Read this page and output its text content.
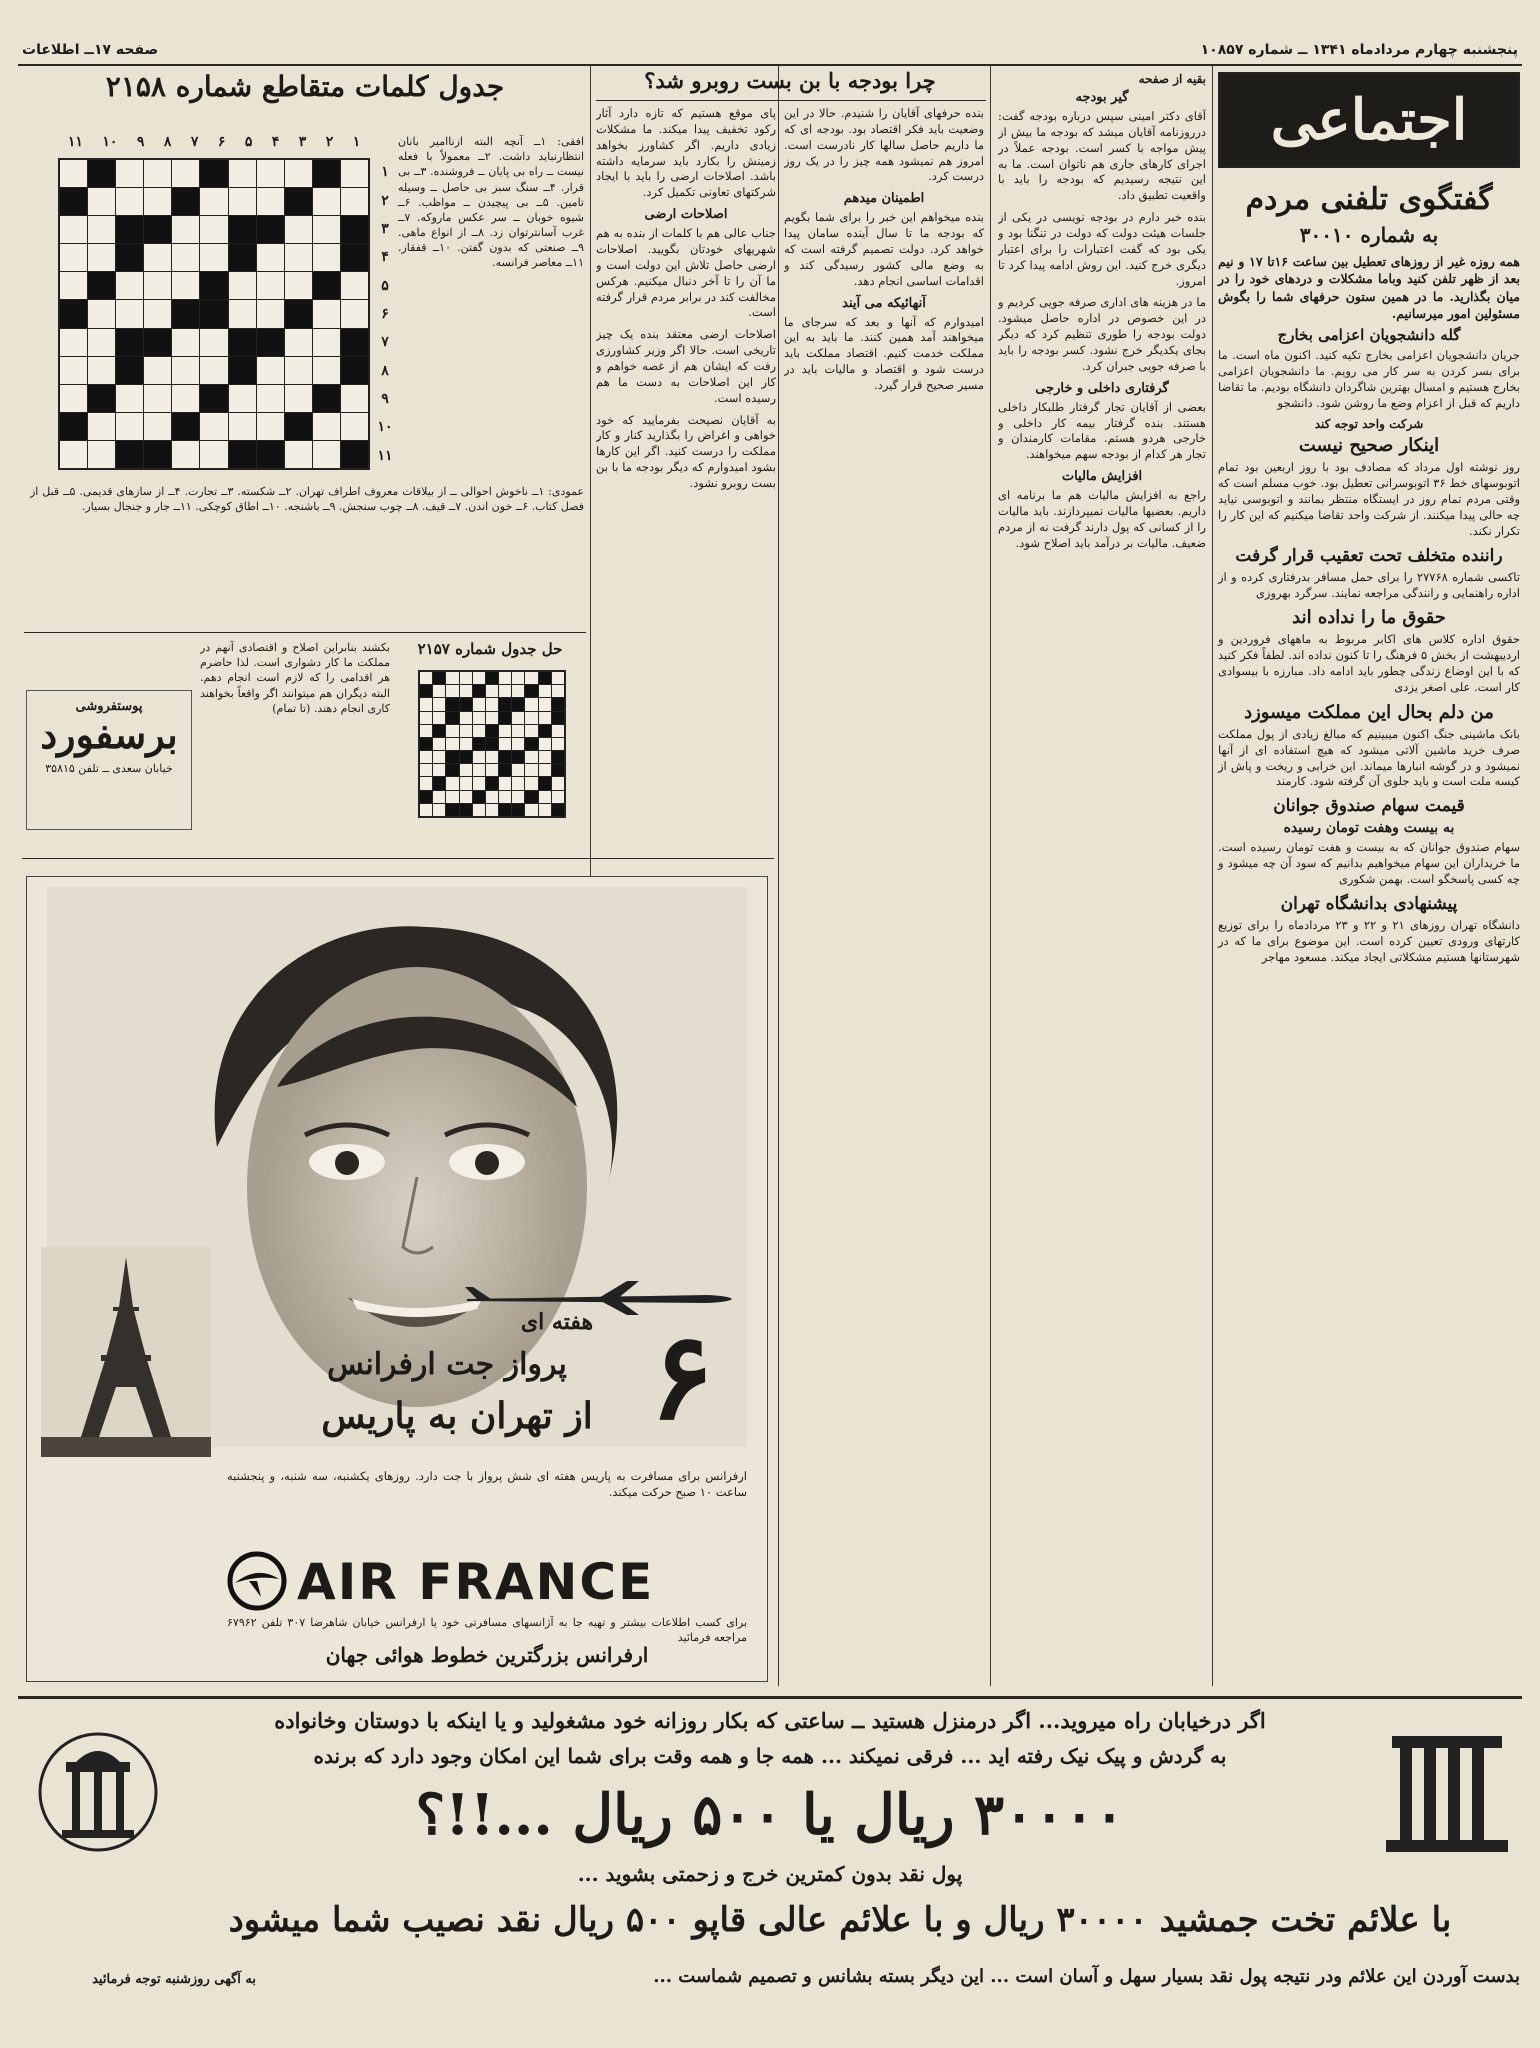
پنجشنبه چهارم مردادماه ۱۳۴۱ ــ شماره ۱۰۸۵۷
صفحه ۱۷ــ اطلاعات
اجتماعی
گفتگوی تلفنی مردم
به شماره ۳۰۰۱۰
همه روزه غیر از روزهای تعطیل بین ساعت ۱۶تا ۱۷ و نیم بعد از ظهر تلفن کنید وباما مشکلات و دردهای خود را در میان بگذارید. ما در همین ستون حرفهای شما را بگوش مسئولین امور میرسانیم.
گله دانشجویان اعزامی بخارج

جریان دانشجویان اعزامی بخارج تکیه کنید. اکنون ماه است. ما برای بسر کردن به سر کار می رویم. ما دانشجویان اعزامی بخارج هستیم و امسال بهترین شاگردان دانشگاه بودیم. ما تقاضا داریم که قبل از اعزام وضع ما روشن شود. دانشجو

شرکت واحد توجه کند
اینکار صحیح نیست

روز نوشته اول مرداد که مصادف بود با روز اربعین بود تمام اتوبوسهای خط ۳۶ اتوبوسرانی تعطیل بود. خوب مسلم است که وقتی مردم تمام روز در ایستگاه منتظر بمانند و اتوبوسی نیاید چه حالی پیدا میکنند. از شرکت واحد تقاضا میکنیم که این کار را تکرار نکند.

راننده متخلف تحت تعقیب قرار گرفت

تاکسی شماره ۲۷۷۶۸ را برای حمل مسافر بدرفتاری کرده و از اداره راهنمایی و رانندگی مراجعه نمایند. سرگرد بهروزی

حقوق ما را نداده اند

حقوق اداره کلاس های اکابر مربوط به ماههای فروردین و اردیبهشت از بخش ۵ فرهنگ را تا کنون نداده اند. لطفاً فکر کنید که با این اوضاع زندگی چطور باید ادامه داد. مبارزه با بیسوادی کار است. علی اصغر یزدی

من دلم بحال این مملکت میسوزد

بانک ماشینی جنگ اکنون میبینیم که مبالغ زیادی از پول مملکت صرف خرید ماشین آلاتی میشود که هیچ استفاده ای از آنها نمیشود و در گوشه انبارها میماند. این خرابی و ریخت و پاش از کیسه ملت است و باید جلوی آن گرفته شود. کارمند

قیمت سهام صندوق جوانان
به بیست وهفت تومان رسیده

سهام صندوق جوانان که به بیست و هفت تومان رسیده است. ما خریداران این سهام میخواهیم بدانیم که سود آن چه میشود و چه کسی پاسخگو است. بهمن شکوری

پیشنهادی بدانشگاه تهران

دانشگاه تهران روزهای ۲۱ و ۲۲ و ۲۳ مردادماه را برای توزیع کارتهای ورودی تعیین کرده است. این موضوع برای ما که در شهرستانها هستیم مشکلاتی ایجاد میکند. مسعود مهاجر

چرا بودجه با بن بست روبرو شد؟	بقیه از صفحه
گیر بودجه

آقای دکتر امینی سپس درباره بودجه گفت: درروزنامه آقایان میشد که بودجه ما بیش از پیش مواجه با کسر است. بودجه عملاً در اجرای کارهای جاری هم ناتوان است. ما به این نتیجه رسیدیم که بودجه را باید با واقعیت تطبیق داد.

بنده خبر دارم در بودجه نویسی در یکی از جلسات هیئت دولت که دولت در تنگنا بود و یکی بود که گفت اعتبارات را برای اعتبار دیگری خرج کنید. این روش ادامه پیدا کرد تا امروز.

ما در هزینه های اداری صرفه جویی کردیم و در این خصوص در اداره حاصل میشود. دولت بودجه را طوری تنظیم کرد که دیگر بجای یکدیگر خرج نشود. کسر بودجه را باید با صرفه جویی جبران کرد.

گرفتاری داخلی و خارجی

بعضی از آقایان تجار گرفتار طلبکار داخلی هستند. بنده گرفتار بیمه کار داخلی و خارجی هردو هستم. مقامات کارمندان و تجار هر کدام از بودجه سهم میخواهند.

افزایش مالیات

راجع به افزایش مالیات هم ما برنامه ای داریم. بعضیها مالیات نمیپردازند. باید مالیات را از کسانی که پول دارند گرفت نه از مردم ضعیف. مالیات بر درآمد باید اصلاح شود.

بنده حرفهای آقایان را شنیدم. حالا در این وضعیت باید فکر اقتصاد بود. بودجه ای که ما داریم حاصل سالها کار نادرست است. امروز هم نمیشود همه چیز را در یک روز درست کرد.

اطمینان میدهم

بنده میخواهم این خبر را برای شما بگویم که بودجه ما تا سال آینده سامان پیدا خواهد کرد. دولت تصمیم گرفته است که به وضع مالی کشور رسیدگی کند و اقدامات اساسی انجام دهد.

آنهائیکه می آیند

امیدوارم که آنها و بعد که سرجای ما میخواهند آمد همین کنند. ما باید به این مملکت خدمت کنیم. اقتصاد مملکت باید درست شود و اقتصاد و مالیات باید در مسیر صحیح قرار گیرد.

پای موقع هستیم که تازه دارد آثار رکود تخفیف پیدا میکند. ما مشکلات زیادی داریم. اگر کشاورز بخواهد زمینش را بکارد باید سرمایه داشته باشد. اصلاحات ارضی را باید با ایجاد شرکتهای تعاونی تکمیل کرد.

اصلاحات ارضی

جناب عالی هم با کلمات از بنده به هم شهریهای خودتان بگویید. اصلاحات ارضی حاصل تلاش این دولت است و ما آن را تا آخر دنبال میکنیم. هرکس مخالفت کند در برابر مردم قرار گرفته است.

اصلاحات ارضی معتقد بنده یک چیز تاریخی است. حالا اگر وزیر کشاورزی رفت که ایشان هم از غصه خواهم و کار این اصلاحات به دست ما هم رسیده است.

به آقایان نصیحت بفرمایید که خود خواهی و اغراض را بگذارید کنار و کار مملکت را درست کنید. اگر این کارها بشود امیدوارم که دیگر بودجه ما با بن بست روبرو نشود.

جدول کلمات متقاطع شماره ۲۱۵۸
۱
۲
۳
۴
۵
۶
۷
۸
۹
۱۰
۱۱
۱
۲
۳
۴
۵
۶
۷
۸
۹
۱۰
۱۱
افقی: ۱ــ آنچه البته ازناامیر بانان انتظارنباید داشت. ۲ــ معمولاً با فعله نیست ــ راه بی پایان ــ فروشنده. ۳ــ بی قرار. ۴ــ سنگ سبز بی حاصل ــ وسیله تامین. ۵ــ بی پیچیدن ــ مواظب. ۶ــ شیوه خوبان ــ سر عکس ماروکه. ۷ــ غرب آسانترتوان زد. ۸ــ از انواع ماهی. ۹ــ صنعتی که بدون گفتن. ۱۰ــ قفقاز. ۱۱ــ معاصر فرانسه.
عمودی: ۱ــ ناخوش احوالی ــ از بیلاقات معروف اطراف تهران. ۲ــ شکسته. ۳ــ تجارت. ۴ــ از سازهای قدیمی. ۵ــ قبل از فصل کتاب. ۶ــ خون اندن. ۷ــ قیف. ۸ــ چوب سنجش. ۹ــ باشنجه. ۱۰ــ اطاق کوچکی. ۱۱ــ جار و جنجال بسیار.
حل جدول شماره ۲۱۵۷
بکشند بنابراین اصلاح و اقتصادی آنهم در مملکت ما کار دشواری است. لذا حاضرم هر اقدامی را که لازم است انجام دهم. البته دیگران هم میتوانند اگر واقعاً بخواهند کاری انجام دهند. (تا تمام)
پوستفروشی
برسفورد
خیابان سعدی ــ تلفن ۳۵۸۱۵
هفته ای ۶
پرواز جت ارفرانس
از تهران به پاریس
ارفرانس برای مسافرت به پاریس هفته ای شش پرواز با جت دارد. روزهای یکشنبه، سه شنبه، و پنجشنبه ساعت ۱۰ صبح حرکت میکند.
AIR FRANCE
برای کسب اطلاعات بیشتر و تهیه جا به آژانسهای مسافرتی خود یا ارفرانس خیابان شاهرضا ۳۰۷ تلفن ۶۷۹۶۲ مراجعه فرمائید
ارفرانس بزرگترین خطوط هوائی جهان
اگر درخیابان راه میروید... اگر درمنزل هستید ــ ساعتی که بکار روزانه خود مشغولید و یا اینکه با دوستان وخانواده
به گردش و پیک نیک رفته اید ... فرقی نمیکند ... همه جا و همه وقت برای شما این امکان وجود دارد که برنده
۳۰۰۰۰ ریال یا ۵۰۰ ریال ...!!؟
پول نقد بدون کمترین خرج و زحمتی بشوید ...
با علائم تخت جمشید ۳۰۰۰۰ ریال و با علائم عالی قاپو ۵۰۰ ریال نقد نصیب شما میشود
بدست آوردن این علائم ودر نتیجه پول نقد بسیار سهل و آسان است ... این دیگر بسته بشانس و تصمیم شماست ...
به آگهی روزشنبه توجه فرمائید
